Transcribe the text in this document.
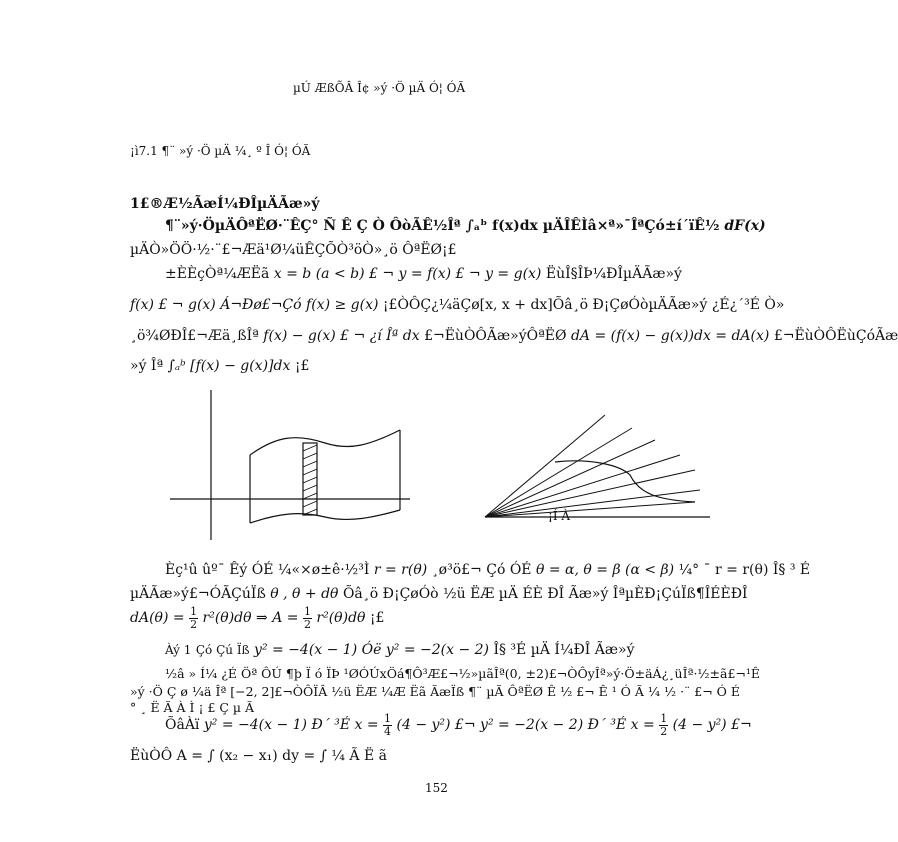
µÚ ÆßÕÂ Î¢ »ý ·Ö µÄ Ó¦ ÓÃ
¡ì7.1 ¶¨ »ý ·Ö µÄ ¼¸ º Î Ó¦ ÓÃ
1£®Æ½ÃæÍ¼ÐÎµÄÃæ»ý
¶¨»ý·ÖµÄÔªËØ·¨ÊÇ° Ñ Ê Ç Ò ÔòÃÊ½Îª ∫ₐᵇ f(x)dx µÄÎÊÌâ×ª»¯ÎªÇó±í´ïÊ½ dF(x)
µÄÒ»ÖÖ·½·¨£¬Æä¹Ø¼üÊÇÕÒ³öÒ»¸ö ÔªËØ¡£
±ÈÈçÒª¼ÆËã x = b (a < b) £ ¬ y = f(x) £ ¬ y = g(x) ËùÎ§ÎÞ¼ÐÎµÄÃæ»ý
f(x) £ ¬ g(x) Á¬Ðø£¬Çó f(x) ≥ g(x) ¡£ÒÔÇ¿¼äÇø[x, x + dx]Õâ¸ö Ð¡ÇøÓòµÄÃæ»ý ¿É¿´³É Ò»
¸ö¾ØÐÎ£¬Æä¸ßÎª f(x) − g(x) £ ¬ ¿í Îª dx £¬ËùÒÔÃæ»ýÔªËØ dA = (f(x) − g(x))dx = dA(x) £¬ËùÒÔËùÇóÃæ
»ý Îª ∫ₐᵇ [f(x) − g(x)]dx ¡£
¡Í À
Èç¹û ûº¯ Êý ÓÉ ¼«×ø±ê·½³Ì r = r(θ) ¸ø³ö£¬ Çó ÓÉ θ = α, θ = β (α < β) ¼° ¯ r = r(θ) Î§ ³ É
µÄÃæ»ý£¬ÓÃÇúÏß θ , θ + dθ Õâ¸ö Ð¡ÇøÓò ½ü ËÆ µÄ ÉÈ ÐÎ Ãæ»ý ÎªµÈÐ¡ÇúÏß¶ÎÉÈÐÎ
$dA(\theta) = \frac{1}{2} r^2(\theta)d\theta$ ⇒ $A = \frac{1}{2} r^2(\theta)d\theta$ ¡£
Àý 1 Çó Çú Ïß y² = −4(x − 1) Óë y² = −2(x − 2) Î§ ³É µÄ Í¼ÐÎ Ãæ»ý
½â » Í¼ ¿É Öª ÔÚ ¶þ Ï ó ÏÞ ¹ØÓÚxÖá¶Ô³Æ£¬½»µãÎª(0, ±2)£¬ÒÔyÎª»ý·Ö±äÁ¿¸üÎª·½±ã£¬¹Ê
»ý ·Ö Ç ø ¼ä Îª [−2, 2]£¬ÒÔÏÂ ½ü ËÆ ¼Æ Ëã ÃæÏß ¶¨ µÃ ÔªËØ Ê ½ £¬ Ê ¹ Ó Ã ¼ ½ ·¨ £¬ Ó É
° ¸ Ë Ã À Ì ¡ £ Ç µ Ã
ÕâÀï y² = −4(x − 1) Ð´ ³É $x = \frac{1}{4} (4 - y^2)$ £¬ y² = −2(x − 2) Ð´ ³É $x = \frac{1}{2} (4 - y^2)$ £¬
ËùÒÔ A = ∫ (x₂ − x₁) dy = ∫ ¼ Ã Ë ã
152
